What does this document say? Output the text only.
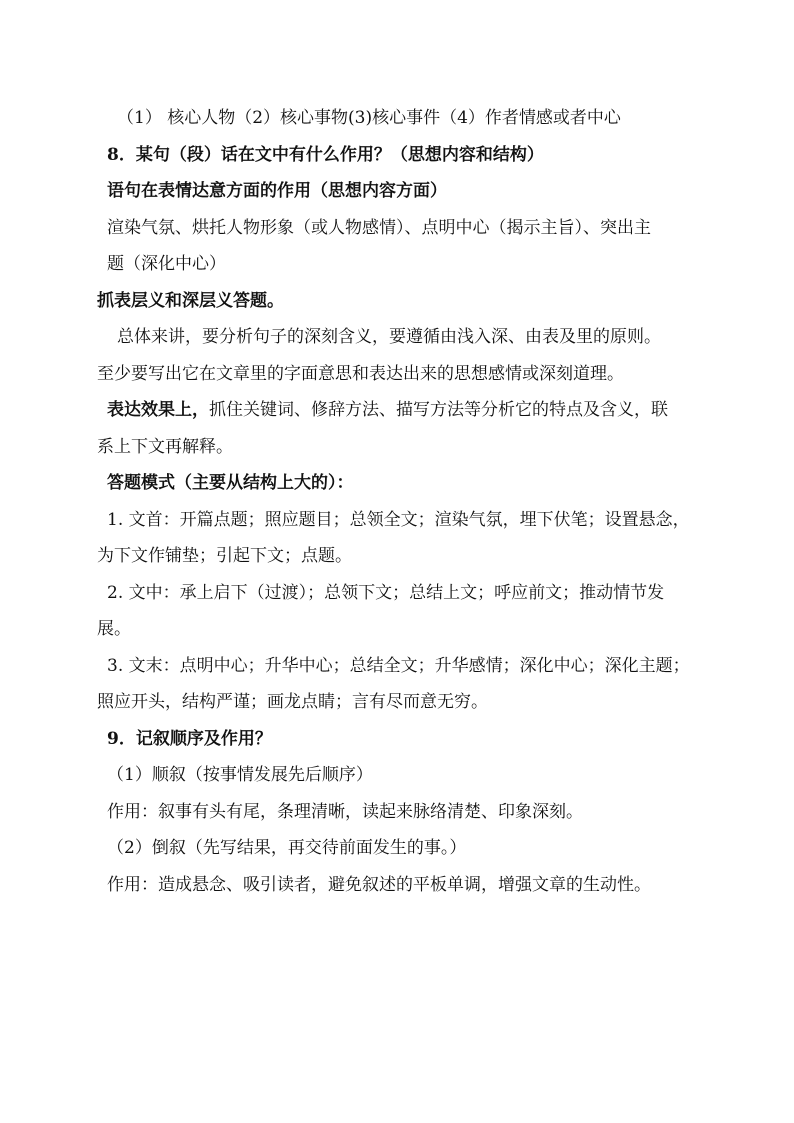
（1） 核心人物（2）核心事物(3)核心事件（4）作者情感或者中心
8．某句（段）话在文中有什么作用？（思想内容和结构）
语句在表情达意方面的作用（思想内容方面）
渲染气氛、烘托人物形象（或人物感情）、点明中心（揭示主旨）、突出主
题（深化中心）
抓表层义和深层义答题。
总体来讲，要分析句子的深刻含义，要遵循由浅入深、由表及里的原则。
至少要写出它在文章里的字面意思和表达出来的思想感情或深刻道理。
表达效果上，抓住关键词、修辞方法、描写方法等分析它的特点及含义，联
系上下文再解释。
答题模式（主要从结构上大的）：
1. 文首：开篇点题；照应题目；总领全文；渲染气氛，埋下伏笔；设置悬念，
为下文作铺垫；引起下文；点题。
2. 文中：承上启下（过渡）；总领下文；总结上文；呼应前文；推动情节发
展。
3. 文末：点明中心；升华中心；总结全文；升华感情；深化中心；深化主题；
照应开头，结构严谨；画龙点睛；言有尽而意无穷。
9．记叙顺序及作用？
（1）顺叙（按事情发展先后顺序）
作用：叙事有头有尾，条理清晰，读起来脉络清楚、印象深刻。
（2）倒叙（先写结果，再交待前面发生的事。）
作用：造成悬念、吸引读者，避免叙述的平板单调，增强文章的生动性。
